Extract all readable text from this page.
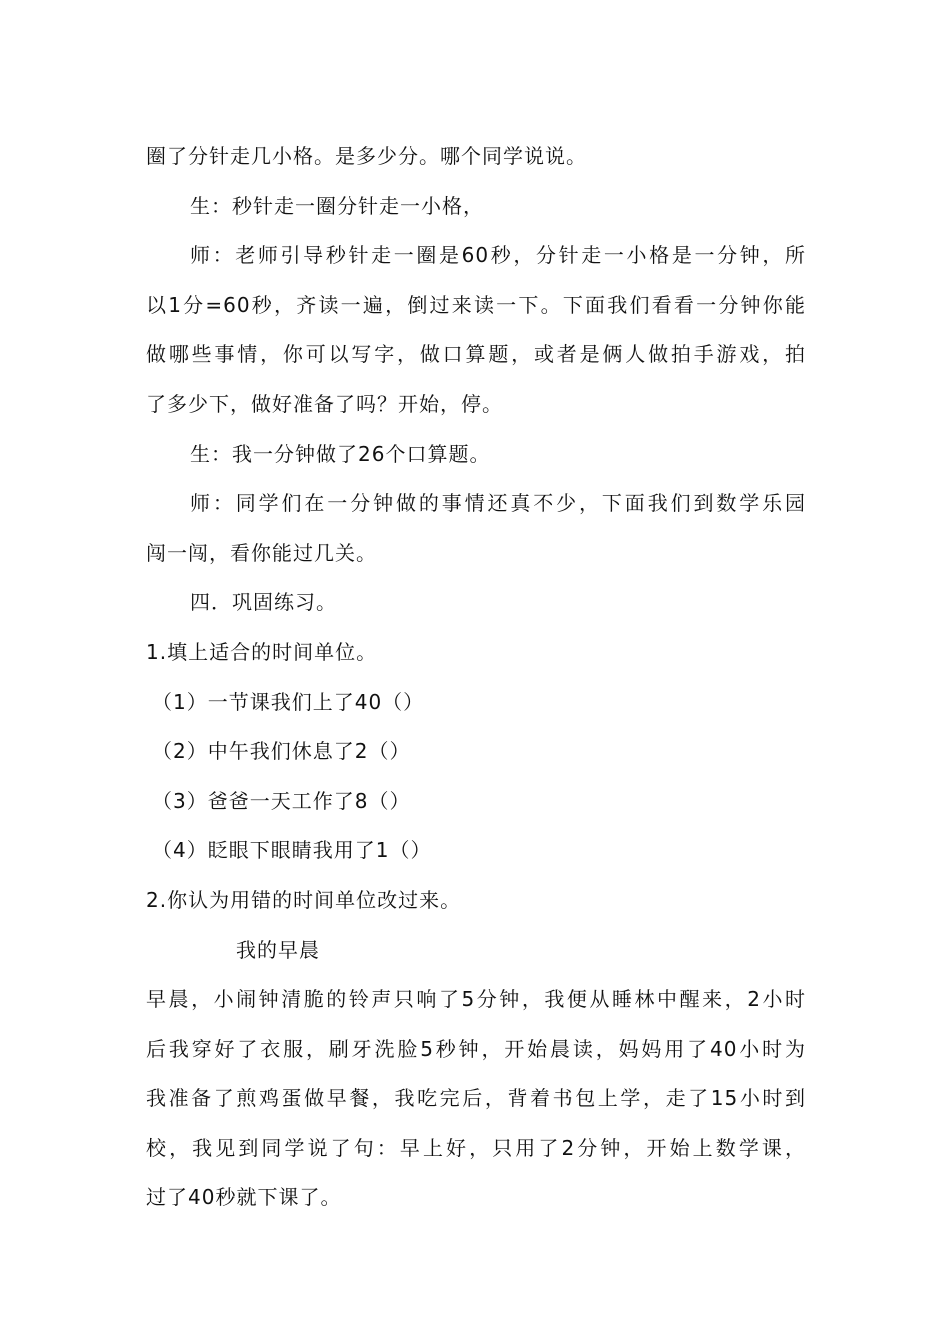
圈了分针走几小格。是多少分。哪个同学说说。
生：秒针走一圈分针走一小格，
师：老师引导秒针走一圈是60秒，分针走一小格是一分钟，所
以1分=60秒，齐读一遍，倒过来读一下。下面我们看看一分钟你能
做哪些事情，你可以写字，做口算题，或者是俩人做拍手游戏，拍
了多少下，做好准备了吗？开始，停。
生：我一分钟做了26个口算题。
师：同学们在一分钟做的事情还真不少，下面我们到数学乐园
闯一闯，看你能过几关。
四．巩固练习。
1.填上适合的时间单位。
（1）一节课我们上了40（）
（2）中午我们休息了2（）
（3）爸爸一天工作了8（）
（4）眨眼下眼睛我用了1（）
2.你认为用错的时间单位改过来。
我的早晨
早晨，小闹钟清脆的铃声只响了5分钟，我便从睡林中醒来，2小时
后我穿好了衣服，刷牙洗脸5秒钟，开始晨读，妈妈用了40小时为
我准备了煎鸡蛋做早餐，我吃完后，背着书包上学，走了15小时到
校，我见到同学说了句：早上好，只用了2分钟，开始上数学课，
过了40秒就下课了。
